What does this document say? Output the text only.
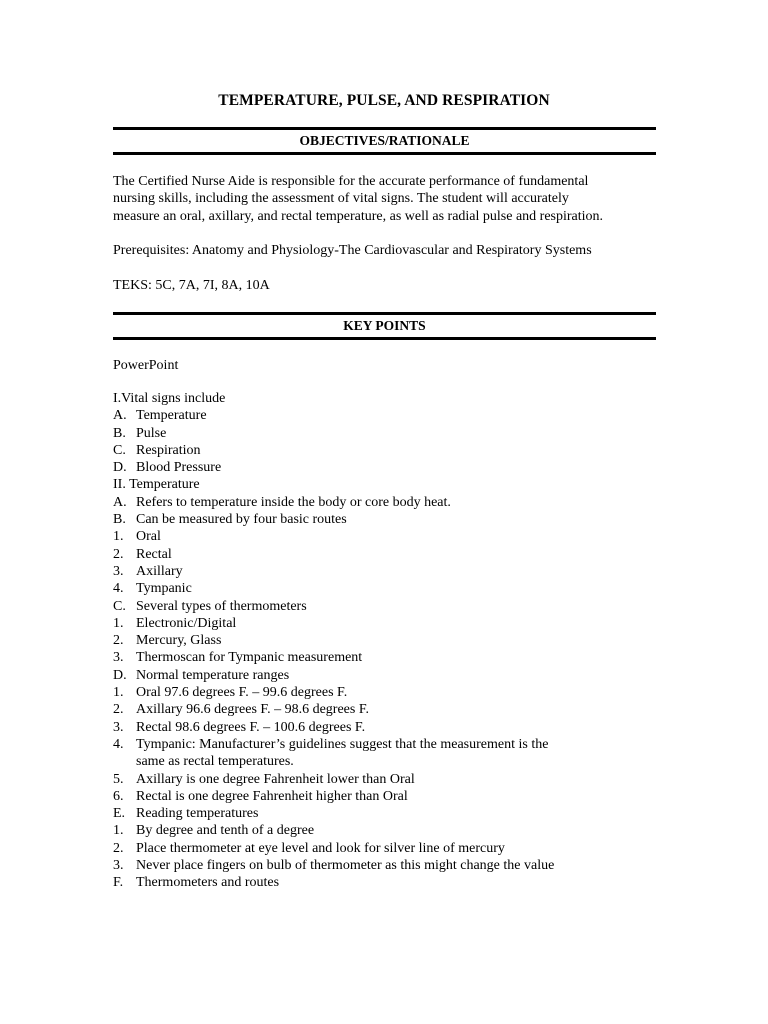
TEMPERATURE, PULSE, AND RESPIRATION
OBJECTIVES/RATIONALE
The Certified Nurse Aide is responsible for the accurate performance of fundamental
nursing skills, including the assessment of vital signs. The student will accurately
measure an oral, axillary, and rectal temperature, as well as radial pulse and respiration.
Prerequisites: Anatomy and Physiology-The Cardiovascular and Respiratory Systems
TEKS: 5C, 7A, 7I, 8A, 10A
KEY POINTS
PowerPoint
I.Vital signs include
A. Temperature
B. Pulse
C. Respiration
D. Blood Pressure
II. Temperature
A. Refers to temperature inside the body or core body heat.
B. Can be measured by four basic routes
1. Oral
2. Rectal
3. Axillary
4. Tympanic
C. Several types of thermometers
1. Electronic/Digital
2. Mercury, Glass
3. Thermoscan for Tympanic measurement
D. Normal temperature ranges
1. Oral 97.6 degrees F. – 99.6 degrees F.
2. Axillary 96.6 degrees F. – 98.6 degrees F.
3. Rectal 98.6 degrees F. – 100.6 degrees F.
4. Tympanic: Manufacturer’s guidelines suggest that the measurement is the
same as rectal temperatures.
5. Axillary is one degree Fahrenheit lower than Oral
6. Rectal is one degree Fahrenheit higher than Oral
E. Reading temperatures
1. By degree and tenth of a degree
2. Place thermometer at eye level and look for silver line of mercury
3. Never place fingers on bulb of thermometer as this might change the value
F. Thermometers and routes
